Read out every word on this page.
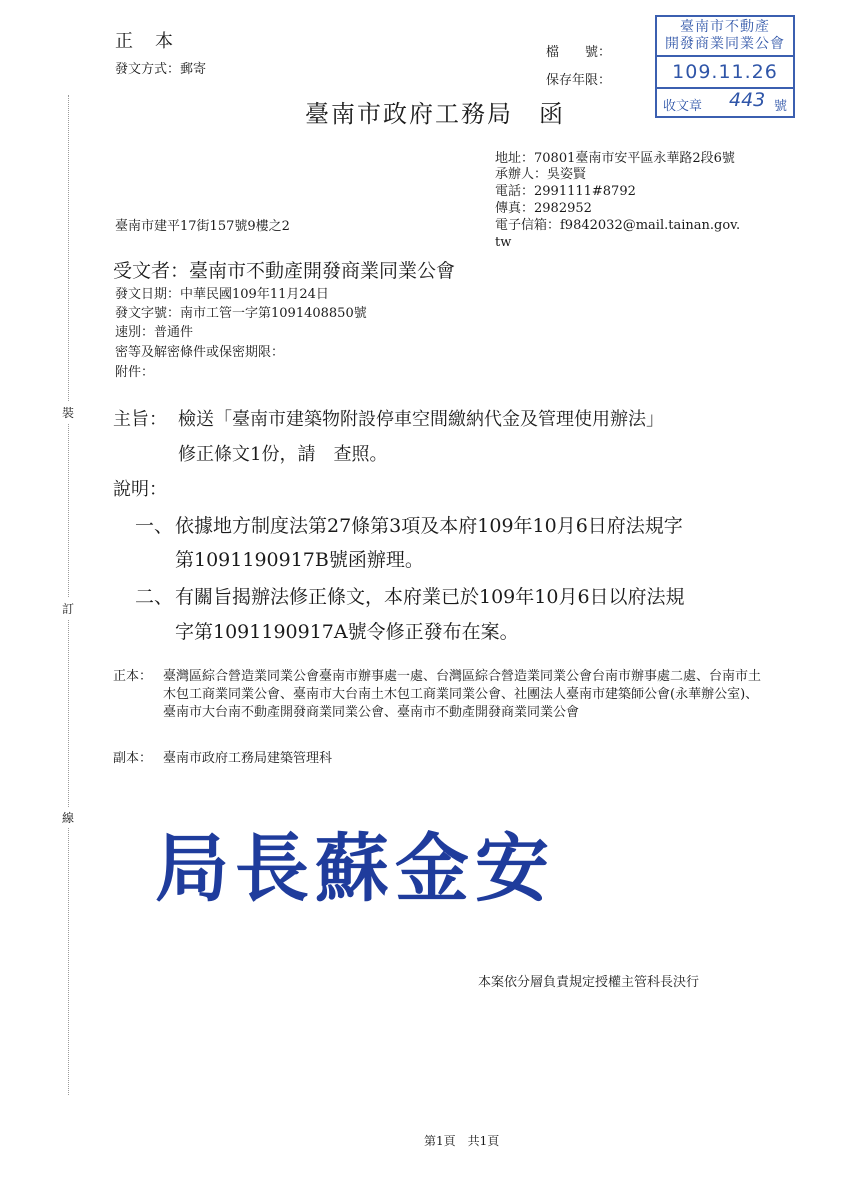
裝
訂
線
正　本
發文方式：郵寄
檔　　號：
保存年限：
臺南市政府工務局　函
臺南市不動產
開發商業同業公會
109.11.26
收文章 443 號
地址：70801臺南市安平區永華路2段6號
承辦人：吳姿賢
電話：2991111#8792
傳真：2982952
電子信箱：f9842032@mail.tainan.gov.
tw
臺南市建平17街157號9樓之2
受文者：臺南市不動產開發商業同業公會
發文日期：中華民國109年11月24日
發文字號：南市工管一字第1091408850號
速別：普通件
密等及解密條件或保密期限：
附件：
主旨： 檢送「臺南市建築物附設停車空間繳納代金及管理使用辦法」
修正條文1份，請　查照。
說明：
一、 依據地方制度法第27條第3項及本府109年10月6日府法規字
第1091190917B號函辦理。
二、 有關旨揭辦法修正條文，本府業已於109年10月6日以府法規
字第1091190917A號令修正發布在案。
正本： 臺灣區綜合營造業同業公會臺南市辦事處一處、台灣區綜合營造業同業公會台南市辦事處二處、台南市土木包工商業同業公會、臺南市大台南土木包工商業同業公會、社團法人臺南市建築師公會(永華辦公室)、臺南市大台南不動產開發商業同業公會、臺南市不動產開發商業同業公會
副本： 臺南市政府工務局建築管理科
局長蘇金安
本案依分層負責規定授權主管科長決行
第1頁　共1頁
